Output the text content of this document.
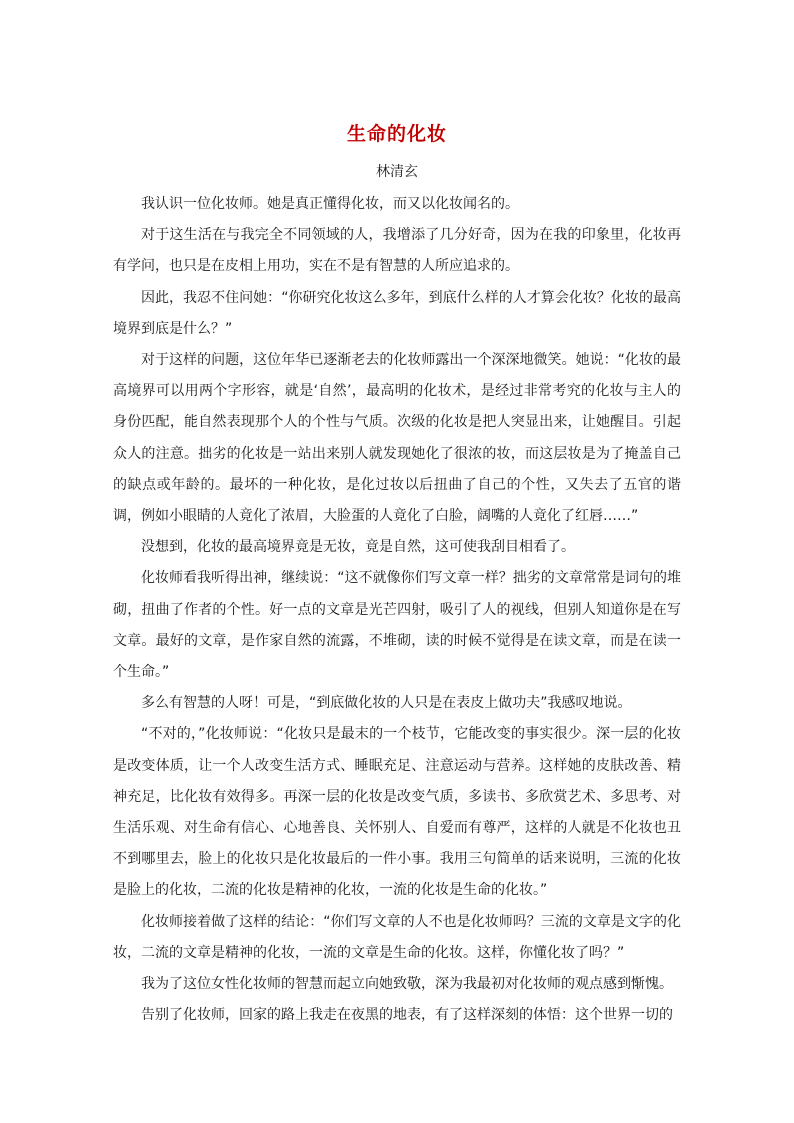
生命的化妆
林清玄

我认识一位化妆师。她是真正懂得化妆，而又以化妆闻名的。

对于这生活在与我完全不同领域的人，我增添了几分好奇，因为在我的印象里，化妆再有学问，也只是在皮相上用功，实在不是有智慧的人所应追求的。

因此，我忍不住问她：“你研究化妆这么多年，到底什么样的人才算会化妆？化妆的最高境界到底是什么？”

对于这样的问题，这位年华已逐渐老去的化妆师露出一个深深地微笑。她说：“化妆的最高境界可以用两个字形容，就是‘自然’，最高明的化妆术，是经过非常考究的化妆与主人的身份匹配，能自然表现那个人的个性与气质。次级的化妆是把人突显出来，让她醒目。引起众人的注意。拙劣的化妆是一站出来别人就发现她化了很浓的妆，而这层妆是为了掩盖自己的缺点或年龄的。最坏的一种化妆，是化过妆以后扭曲了自己的个性，又失去了五官的谐调，例如小眼睛的人竟化了浓眉，大脸蛋的人竟化了白脸，阔嘴的人竟化了红唇……”

没想到，化妆的最高境界竟是无妆，竟是自然，这可使我刮目相看了。

化妆师看我听得出神，继续说：“这不就像你们写文章一样？拙劣的文章常常是词句的堆砌，扭曲了作者的个性。好一点的文章是光芒四射，吸引了人的视线，但别人知道你是在写文章。最好的文章，是作家自然的流露，不堆砌，读的时候不觉得是在读文章，而是在读一个生命。”

多么有智慧的人呀！可是，“到底做化妆的人只是在表皮上做功夫”我感叹地说。

“不对的，”化妆师说：“化妆只是最末的一个枝节，它能改变的事实很少。深一层的化妆是改变体质，让一个人改变生活方式、睡眠充足、注意运动与营养。这样她的皮肤改善、精神充足，比化妆有效得多。再深一层的化妆是改变气质，多读书、多欣赏艺术、多思考、对生活乐观、对生命有信心、心地善良、关怀别人、自爱而有尊严，这样的人就是不化妆也丑不到哪里去，脸上的化妆只是化妆最后的一件小事。我用三句简单的话来说明，三流的化妆是脸上的化妆，二流的化妆是精神的化妆，一流的化妆是生命的化妆。”

化妆师接着做了这样的结论：“你们写文章的人不也是化妆师吗？三流的文章是文字的化妆，二流的文章是精神的化妆，一流的文章是生命的化妆。这样，你懂化妆了吗？”

我为了这位女性化妆师的智慧而起立向她致敬，深为我最初对化妆师的观点感到惭愧。

告别了化妆师，回家的路上我走在夜黑的地表，有了这样深刻的体悟：这个世界一切的
